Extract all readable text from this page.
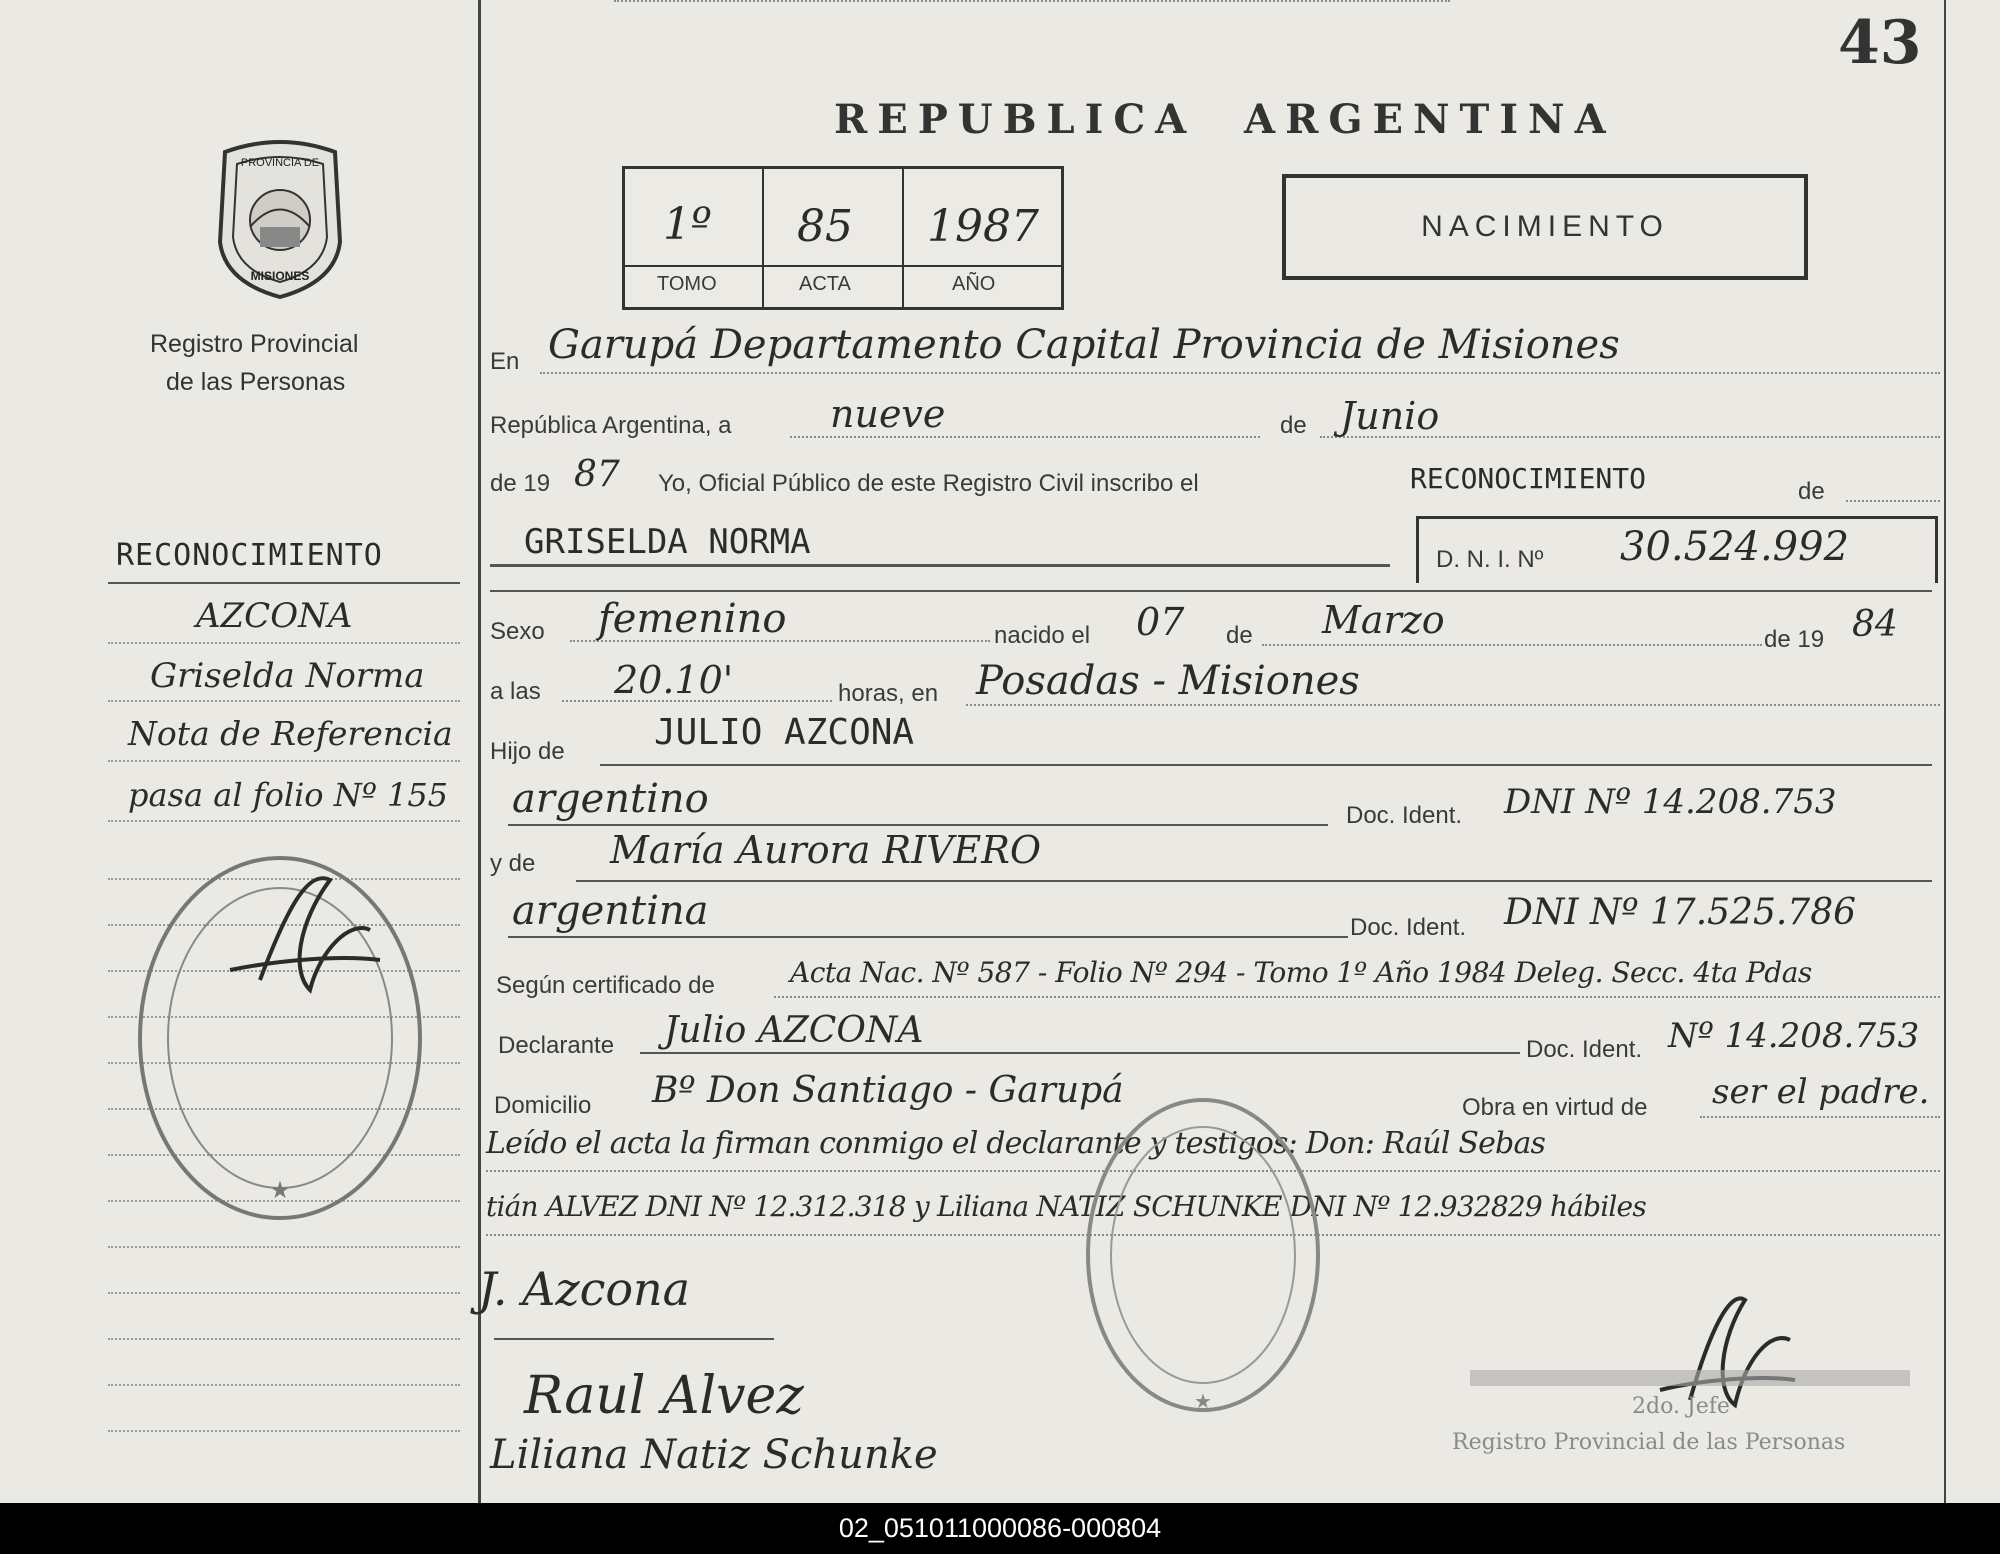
43
REPUBLICA  ARGENTINA
PROVINCIA DE
MISIONES
Registro Provincial
de las Personas
1º 85 1987
TOMO	ACTA	AÑO
NACIMIENTO
RECONOCIMIENTO
AZCONA
Griselda Norma
Nota de Referencia
pasa al folio Nº 155
★
En Garupá Departamento Capital Provincia de Misiones
República Argentina, a	nueve	de Junio
de 19 87 Yo, Oficial Público de este Registro Civil inscribo el	RECONOCIMIENTO	de
GRISELDA NORMA	D. N. I. Nº 30.524.992
Sexo femenino	nacido el 07 de Marzo	de 19 84
a las 20.10'	horas, en Posadas - Misiones
Hijo de JULIO AZCONA
argentino	Doc. Ident. DNI Nº 14.208.753
y de María Aurora RIVERO
argentina	Doc. Ident. DNI Nº 17.525.786
Según certificado de	Acta Nac. Nº 587 - Folio Nº 294 - Tomo 1º Año 1984 Deleg. Secc. 4ta Pdas
Declarante Julio AZCONA	Doc. Ident. Nº 14.208.753
Domicilio Bº Don Santiago - Garupá	Obra en virtud de ser el padre.
Leído el acta la firman conmigo el declarante y testigos: Don: Raúl Sebas
tián ALVEZ DNI Nº 12.312.318 y Liliana NATIZ SCHUNKE DNI Nº 12.932829 hábiles
★
J. Azcona
Raul Alvez
Liliana Natiz Schunke
2do. Jefe
Registro Provincial de las Personas
02_051011000086-000804
